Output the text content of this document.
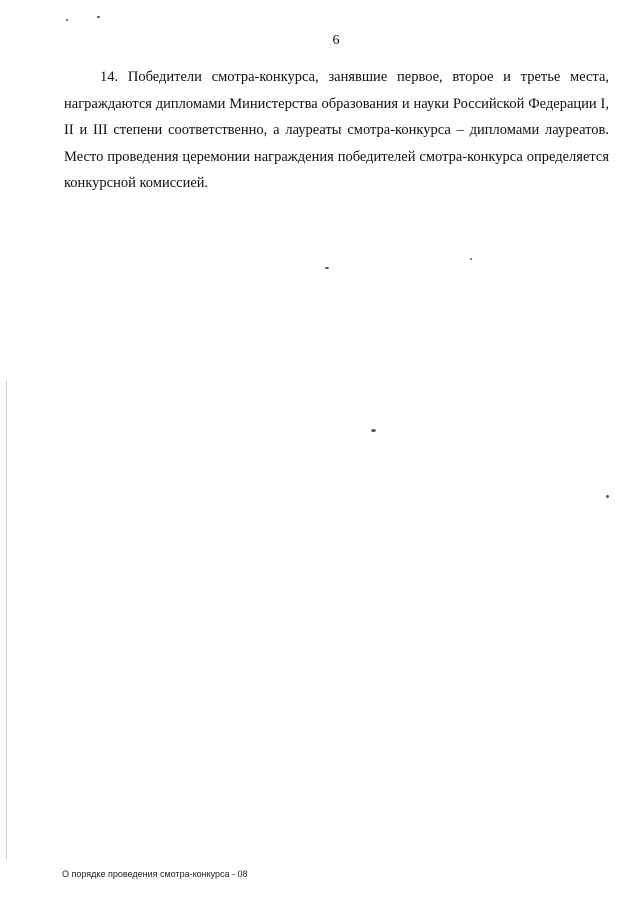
6

14. Победители смотра-конкурса, занявшие первое, второе и третье места, награждаются дипломами Министерства образования и науки Российской Федерации I, II и III степени соответственно, а лауреаты смотра-конкурса – дипломами лауреатов. Место проведения церемонии награждения победителей смотра-конкурса определяется конкурсной комиссией.

О порядке проведения смотра-конкурса - 08
